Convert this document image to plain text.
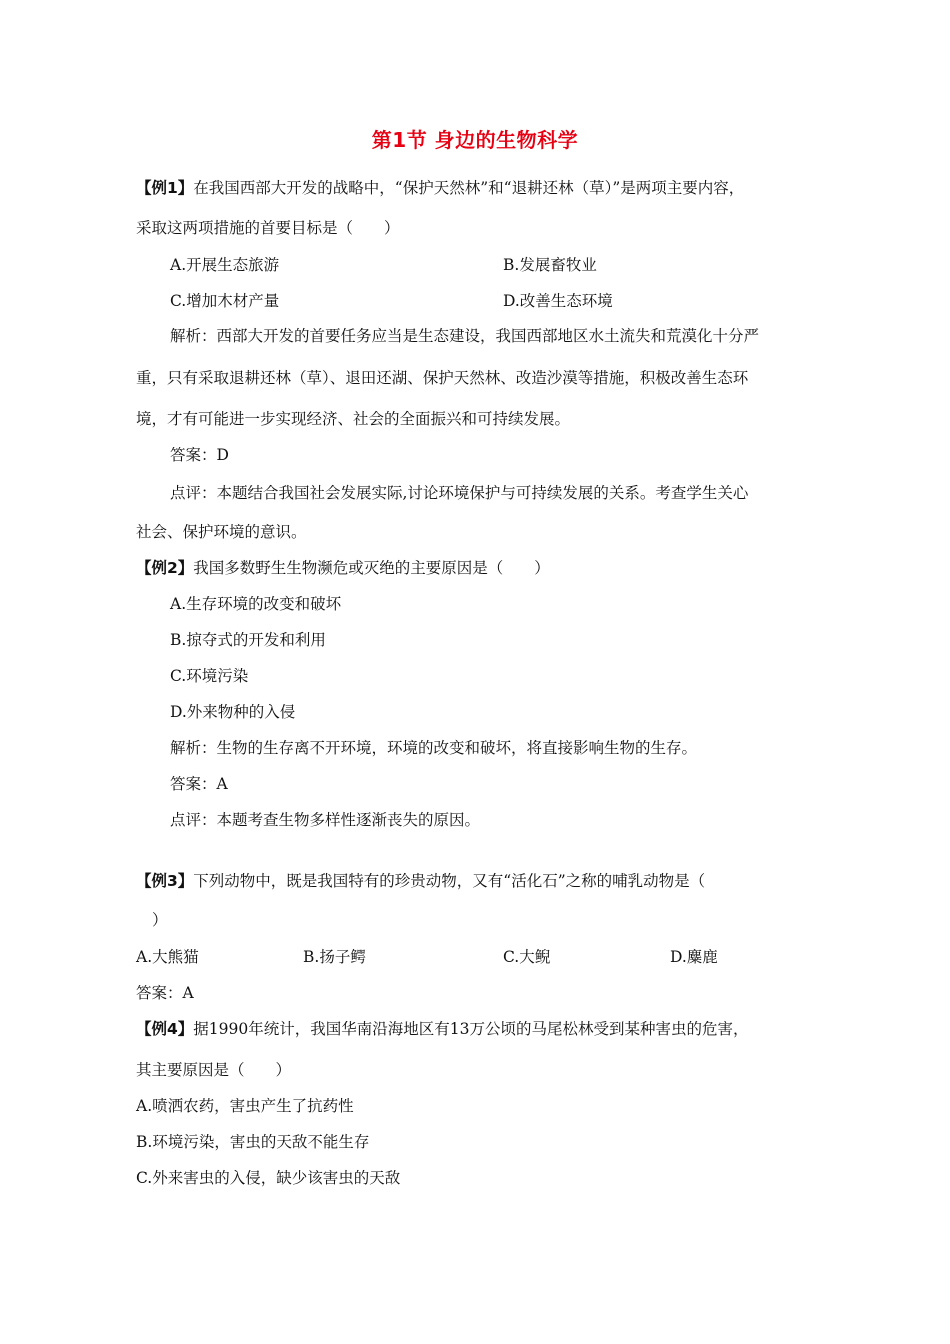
第1节 身边的生物科学
【例1】在我国西部大开发的战略中，“保护天然林”和“退耕还林（草）”是两项主要内容，
采取这两项措施的首要目标是（　　）
A.开展生态旅游	B.发展畜牧业
C.增加木材产量	D.改善生态环境
解析：西部大开发的首要任务应当是生态建设，我国西部地区水土流失和荒漠化十分严
重，只有采取退耕还林（草）、退田还湖、保护天然林、改造沙漠等措施，积极改善生态环
境，才有可能进一步实现经济、社会的全面振兴和可持续发展。
答案：D
点评：本题结合我国社会发展实际,讨论环境保护与可持续发展的关系。考查学生关心
社会、保护环境的意识。
【例2】我国多数野生生物濒危或灭绝的主要原因是（　　）
A.生存环境的改变和破坏
B.掠夺式的开发和利用
C.环境污染
D.外来物种的入侵
解析：生物的生存离不开环境，环境的改变和破坏，将直接影响生物的生存。
答案：A
点评：本题考查生物多样性逐渐丧失的原因。
【例3】下列动物中，既是我国特有的珍贵动物，又有“活化石”之称的哺乳动物是（
）
A.大熊猫	B.扬子鳄	C.大鲵	D.麋鹿
答案：A
【例4】据1990年统计，我国华南沿海地区有13万公顷的马尾松林受到某种害虫的危害，
其主要原因是（　　）
A.喷洒农药，害虫产生了抗药性
B.环境污染，害虫的天敌不能生存
C.外来害虫的入侵，缺少该害虫的天敌
